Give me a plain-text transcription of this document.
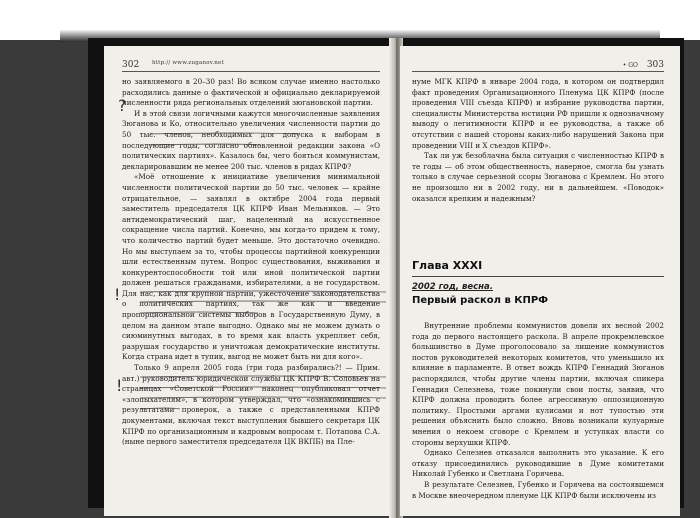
302 http:// www.zuganov.net

но заявляемого в 20–30 раз! Во всяком случае именно настолько расходились данные о фактической и официально декларируемой численности ряда региональных отделений зюгановской партии.

И в этой связи логичными кажутся многочисленные заявления Зюганова и Ко, относительно увеличения численности партии до 50 тыс. членов, необходимых для допуска к выборам в последующие годы, согласно обновленной редакции закона «О политических партиях». Казалось бы, чего бояться коммунистам, декларировавшим не менее 200 тыс. членов в рядах КПРФ?

«Моё отношение к инициативе увеличения минимальной численности политической партии до 50 тыс. человек — крайне отрицательное, — заявлял в октябре 2004 года первый заместитель председателя ЦК КПРФ Иван Мельников. — Это антидемократический шаг, нацеленный на искусственное сокращение числа партий. Конечно, мы когда-то придем к тому, что количество партий будет меньше. Это достаточно очевидно. Но мы выступаем за то, чтобы процессы партийной конкуренции шли естественным путем. Вопрос существования, выживания и конкурентоспособности той или иной политической партии должен решаться гражданами, избирателями, а не государством. Для нас, как для крупной партии, ужесточение законодательства о политических партиях, так же как и введение пропорциональной системы выборов в Государственную Думу, в целом на данном этапе выгодно. Однако мы не можем думать о сиюминутных выгодах, в то время как власть укрепляет себя, разрушая государство и уничтожая демократические институты. Когда страна идет в тупик, выгод не может быть ни для кого».

Только 9 апреля 2005 года (три года разбирались?! — Прим. авт.) руководитель юридической службы ЦК КПРФ В. Соловьев на страницах «Советской России» наконец опубликовал отчет «злопыхателям», в котором утверждал, что «ознакомившись с результатами проверок, а также с представленными КПРФ документами, включая текст выступления бывшего секретаря ЦК КПРФ по организационным и кадровым вопросам т. Потапова С.А. (ныне первого заместителя председателя ЦК ВКПБ) на Пле-

• GO 303

нуме МГК КПРФ в январе 2004 года, в котором он подтвердил факт проведения Организационного Пленума ЦК КПРФ (после проведения VIII съезда КПРФ) и избрание руководства партии, специалисты Министерства юстиции РФ пришли к однозначному выводу о легитимности КПРФ и ее руководства, а также об отсутствии с нашей стороны каких-либо нарушений Закона при проведении VIII и X съездов КПРФ».

Так ли уж безоблачна была ситуация с численностью КПРФ в те годы — об этом общественность, наверное, смогла бы узнать только в случае серьезной ссоры Зюганова с Кремлем. Но этого не произошло ни в 2002 году, ни в дальнейшем. «Поводок» оказался крепким и надежным?

Глава XXXI
2002 год, весна.
Первый раскол в КПРФ

Внутренние проблемы коммунистов довели их весной 2002 года до первого настоящего раскола. В апреле прокремлевское большинство в Думе проголосовало за лишение коммунистов постов руководителей некоторых комитетов, что уменьшило их влияние в парламенте. В ответ вождь КПРФ Геннадий Зюганов распорядился, чтобы другие члены партии, включая спикера Геннадия Селезнева, тоже покинули свои посты, заявив, что КПРФ должна проводить более агрессивную оппозиционную политику. Простыми аргами кулисами и нот тупостью эти решения объяснить было сложно. Вновь возникали кулуарные мнения о некоем сговоре с Кремлем и уступках власти со стороны верхушки КПРФ.

Однако Селезнев отказался выполнить это указание. К его отказу присоединились руководившие в Думе комитетами Николай Губенко и Светлана Горячева.

В результате Селезнев, Губенко и Горячева на состоявшемся в Москве внеочередном пленуме ЦК КПРФ были исключены из

?
!
!
